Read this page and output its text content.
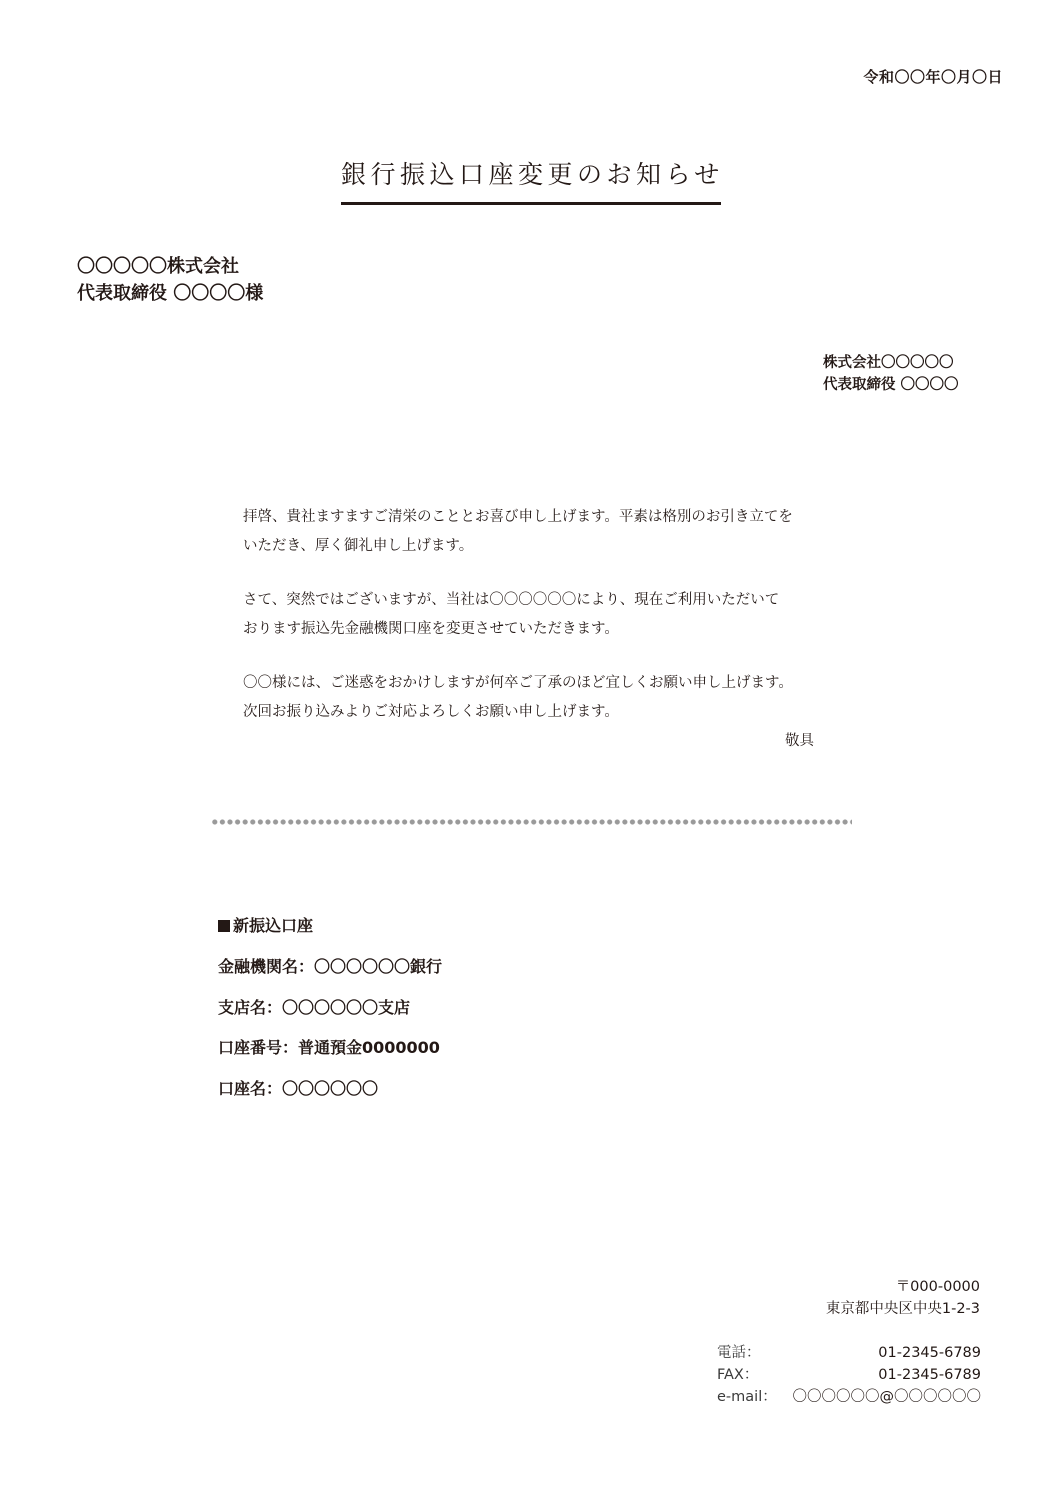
令和〇〇年〇月〇日
銀行振込口座変更のお知らせ
〇〇〇〇〇株式会社
代表取締役 〇〇〇〇様
株式会社〇〇〇〇〇
代表取締役 〇〇〇〇
拝啓、貴社ますますご清栄のこととお喜び申し上げます。平素は格別のお引き立てを
いただき、厚く御礼申し上げます。
さて、突然ではございますが、当社は〇〇〇〇〇〇により、現在ご利用いただいて
おります振込先金融機関口座を変更させていただきます。
〇〇様には、ご迷惑をおかけしますが何卒ご了承のほど宜しくお願い申し上げます。
次回お振り込みよりご対応よろしくお願い申し上げます。
敬具
新振込口座
金融機関名：〇〇〇〇〇〇銀行
支店名：〇〇〇〇〇〇支店
口座番号：普通預金0000000
口座名：〇〇〇〇〇〇
〒000-0000
東京都中央区中央1-2-3
電話：	01-2345-6789
FAX：	01-2345-6789
e-mail： 〇〇〇〇〇〇@〇〇〇〇〇〇
